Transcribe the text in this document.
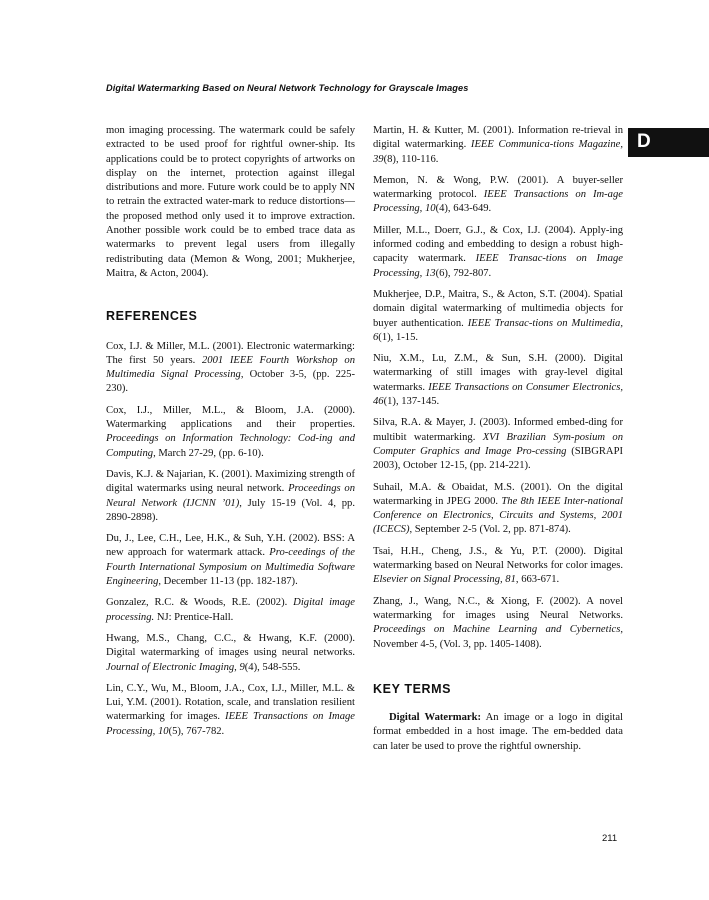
Digital Watermarking Based on Neural Network Technology for Grayscale Images
D

mon imaging processing. The watermark could be safely extracted to be used proof for rightful owner-ship. Its applications could be to protect copyrights of artworks on display on the internet, protection against illegal distributions and more. Future work could be to apply NN to retrain the extracted water-mark to reduce distortions—the proposed method only used it to improve extraction. Another possible work could be to embed trace data as watermarks to prevent legal users from illegally redistributing data (Memon & Wong, 2001; Mukherjee, Maitra, & Acton, 2004).

REFERENCES

Cox, I.J. & Miller, M.L. (2001). Electronic watermarking: The first 50 years. 2001 IEEE Fourth Workshop on Multimedia Signal Processing, October 3-5, (pp. 225-230).

Cox, I.J., Miller, M.L., & Bloom, J.A. (2000). Watermarking applications and their properties. Proceedings on Information Technology: Cod-ing and Computing, March 27-29, (pp. 6-10).

Davis, K.J. & Najarian, K. (2001). Maximizing strength of digital watermarks using neural network. Proceedings on Neural Network (IJCNN ’01), July 15-19 (Vol. 4, pp. 2890-2898).

Du, J., Lee, C.H., Lee, H.K., & Suh, Y.H. (2002). BSS: A new approach for watermark attack. Pro-ceedings of the Fourth International Symposium on Multimedia Software Engineering, December 11-13 (pp. 182-187).

Gonzalez, R.C. & Woods, R.E. (2002). Digital image processing. NJ: Prentice-Hall.

Hwang, M.S., Chang, C.C., & Hwang, K.F. (2000). Digital watermarking of images using neural networks. Journal of Electronic Imaging, 9(4), 548-555.

Lin, C.Y., Wu, M., Bloom, J.A., Cox, I.J., Miller, M.L. & Lui, Y.M. (2001). Rotation, scale, and translation resilient watermarking for images. IEEE Transactions on Image Processing, 10(5), 767-782.

Martin, H. & Kutter, M. (2001). Information re-trieval in digital watermarking. IEEE Communica-tions Magazine, 39(8), 110-116.

Memon, N. & Wong, P.W. (2001). A buyer-seller watermarking protocol. IEEE Transactions on Im-age Processing, 10(4), 643-649.

Miller, M.L., Doerr, G.J., & Cox, I.J. (2004). Apply-ing informed coding and embedding to design a robust high-capacity watermark. IEEE Transac-tions on Image Processing, 13(6), 792-807.

Mukherjee, D.P., Maitra, S., & Acton, S.T. (2004). Spatial domain digital watermarking of multimedia objects for buyer authentication. IEEE Transac-tions on Multimedia, 6(1), 1-15.

Niu, X.M., Lu, Z.M., & Sun, S.H. (2000). Digital watermarking of still images with gray-level digital watermarks. IEEE Transactions on Consumer Electronics, 46(1), 137-145.

Silva, R.A. & Mayer, J. (2003). Informed embed-ding for multibit watermarking. XVI Brazilian Sym-posium on Computer Graphics and Image Pro-cessing (SIBGRAPI 2003), October 12-15, (pp. 214-221).

Suhail, M.A. & Obaidat, M.S. (2001). On the digital watermarking in JPEG 2000. The 8th IEEE Inter-national Conference on Electronics, Circuits and Systems, 2001 (ICECS), September 2-5 (Vol. 2, pp. 871-874).

Tsai, H.H., Cheng, J.S., & Yu, P.T. (2000). Digital watermarking based on Neural Networks for color images. Elsevier on Signal Processing, 81, 663-671.

Zhang, J., Wang, N.C., & Xiong, F. (2002). A novel watermarking for images using Neural Networks. Proceedings on Machine Learning and Cybernetics, November 4-5, (Vol. 3, pp. 1405-1408).

KEY TERMS

Digital Watermark: An image or a logo in digital format embedded in a host image. The em-bedded data can later be used to prove the rightful ownership.

211
